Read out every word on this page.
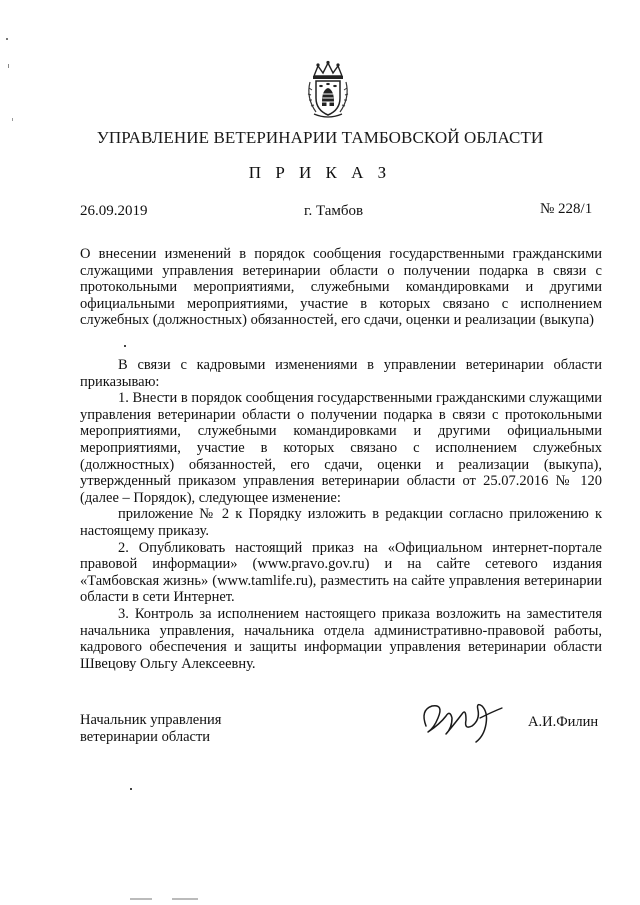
УПРАВЛЕНИЕ ВЕТЕРИНАРИИ ТАМБОВСКОЙ ОБЛАСТИ
П Р И К А З
26.09.2019	г. Тамбов	№ 228/1

О внесении изменений в порядок сообщения государственными гражданскими служащими управления ветеринарии области о получении подарка в связи с протокольными мероприятиями, служебными командировками и другими официальными мероприятиями, участие в которых связано с исполнением служебных (должностных) обязанностей, его сдачи, оценки и реализации (выкупа)

В связи с кадровыми изменениями в управлении ветеринарии области приказываю:

1. Внести в порядок сообщения государственными гражданскими служащими управления ветеринарии области о получении подарка в связи с протокольными мероприятиями, служебными командировками и другими официальными мероприятиями, участие в которых связано с исполнением служебных (должностных) обязанностей, его сдачи, оценки и реализации (выкупа), утвержденный приказом управления ветеринарии области от 25.07.2016 № 120 (далее – Порядок), следующее изменение:

приложение № 2 к Порядку изложить в редакции согласно приложению к настоящему приказу.

2. Опубликовать настоящий приказ на «Официальном интернет-портале правовой информации» (www.pravo.gov.ru) и на сайте сетевого издания «Тамбовская жизнь» (www.tamlife.ru), разместить на сайте управления ветеринарии области в сети Интернет.

3. Контроль за исполнением настоящего приказа возложить на заместителя начальника управления, начальника отдела административно-правовой работы, кадрового обеспечения и защиты информации управления ветеринарии области Швецову Ольгу Алексеевну.

Начальник управления
ветеринарии области
А.И.Филин
